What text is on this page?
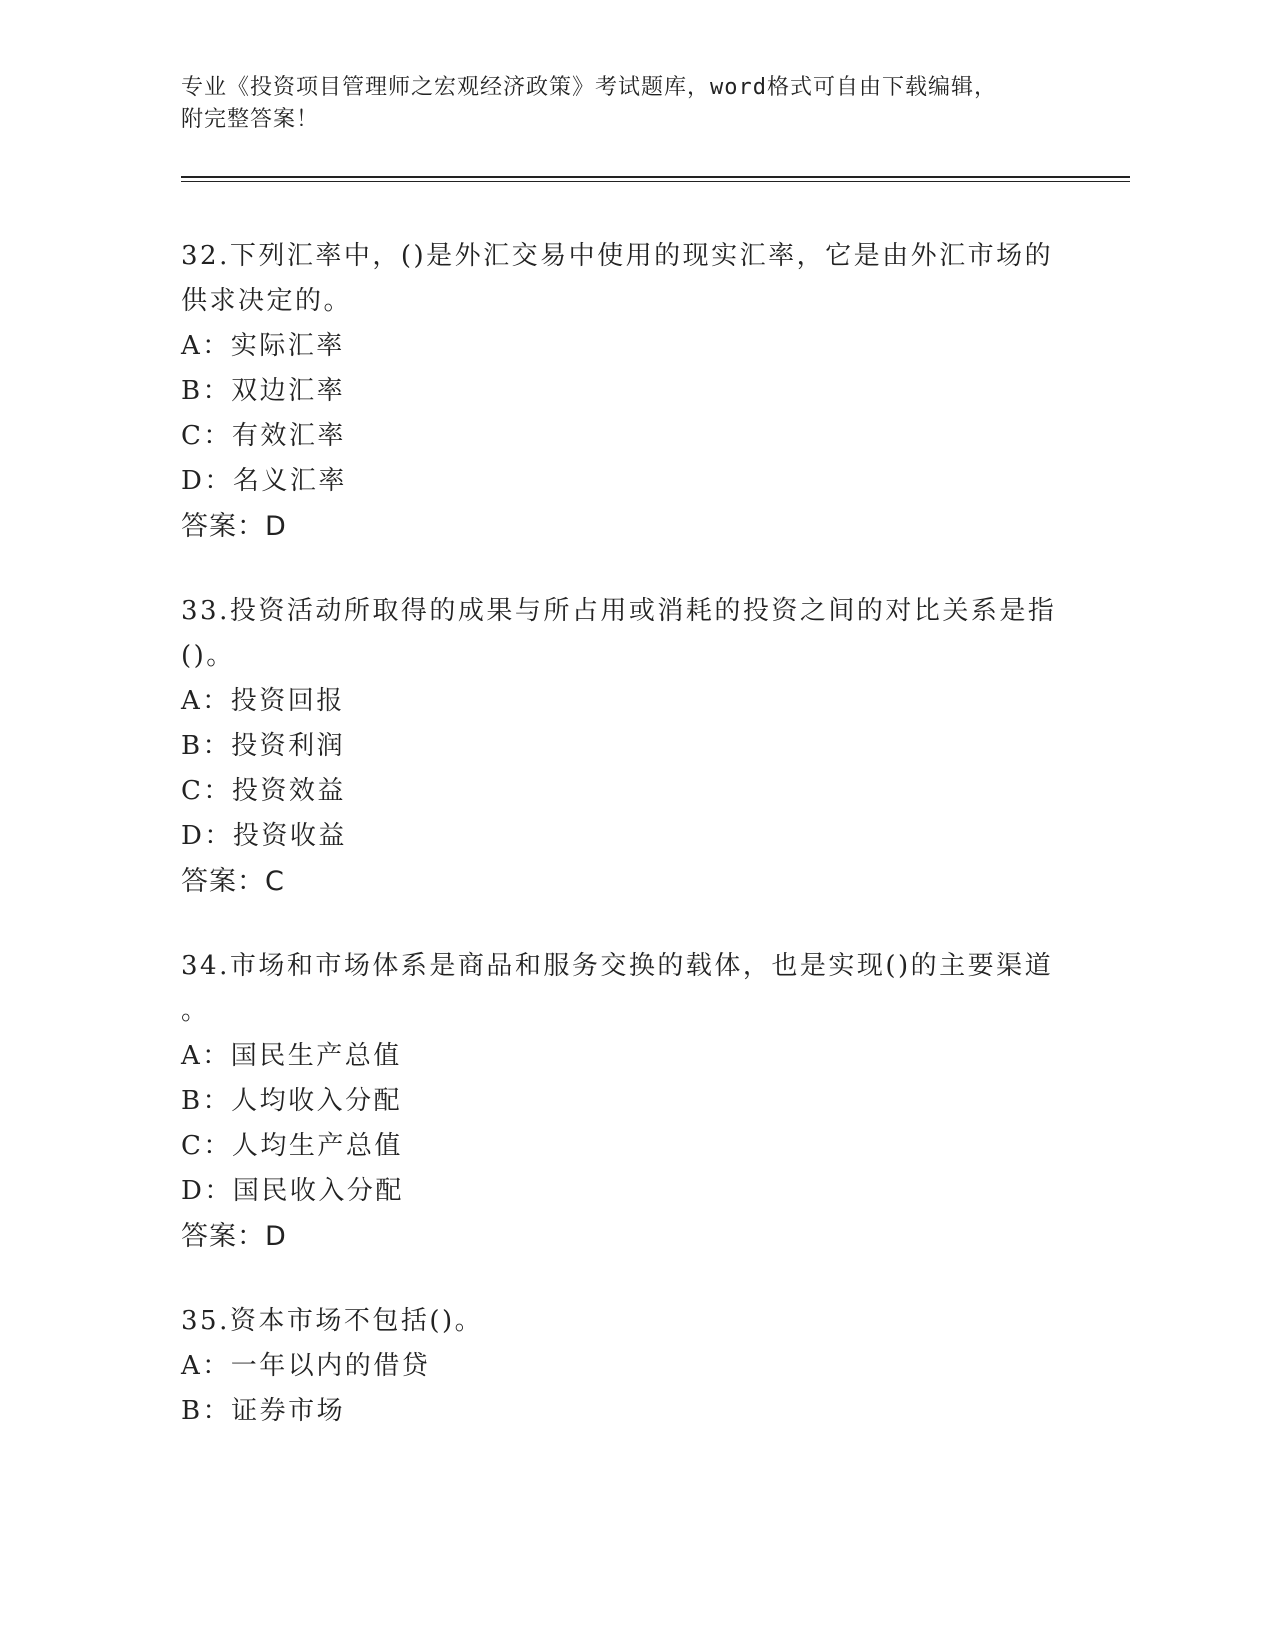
专业《投资项目管理师之宏观经济政策》考试题库，word格式可自由下载编辑，
附完整答案！
32.下列汇率中，()是外汇交易中使用的现实汇率，它是由外汇市场的
供求决定的。
A：实际汇率
B：双边汇率
C：有效汇率
D：名义汇率
答案：D
33.投资活动所取得的成果与所占用或消耗的投资之间的对比关系是指
()。
A：投资回报
B：投资利润
C：投资效益
D：投资收益
答案：C
34.市场和市场体系是商品和服务交换的载体，也是实现()的主要渠道
。
A：国民生产总值
B：人均收入分配
C：人均生产总值
D：国民收入分配
答案：D
35.资本市场不包括()。
A：一年以内的借贷
B：证券市场
